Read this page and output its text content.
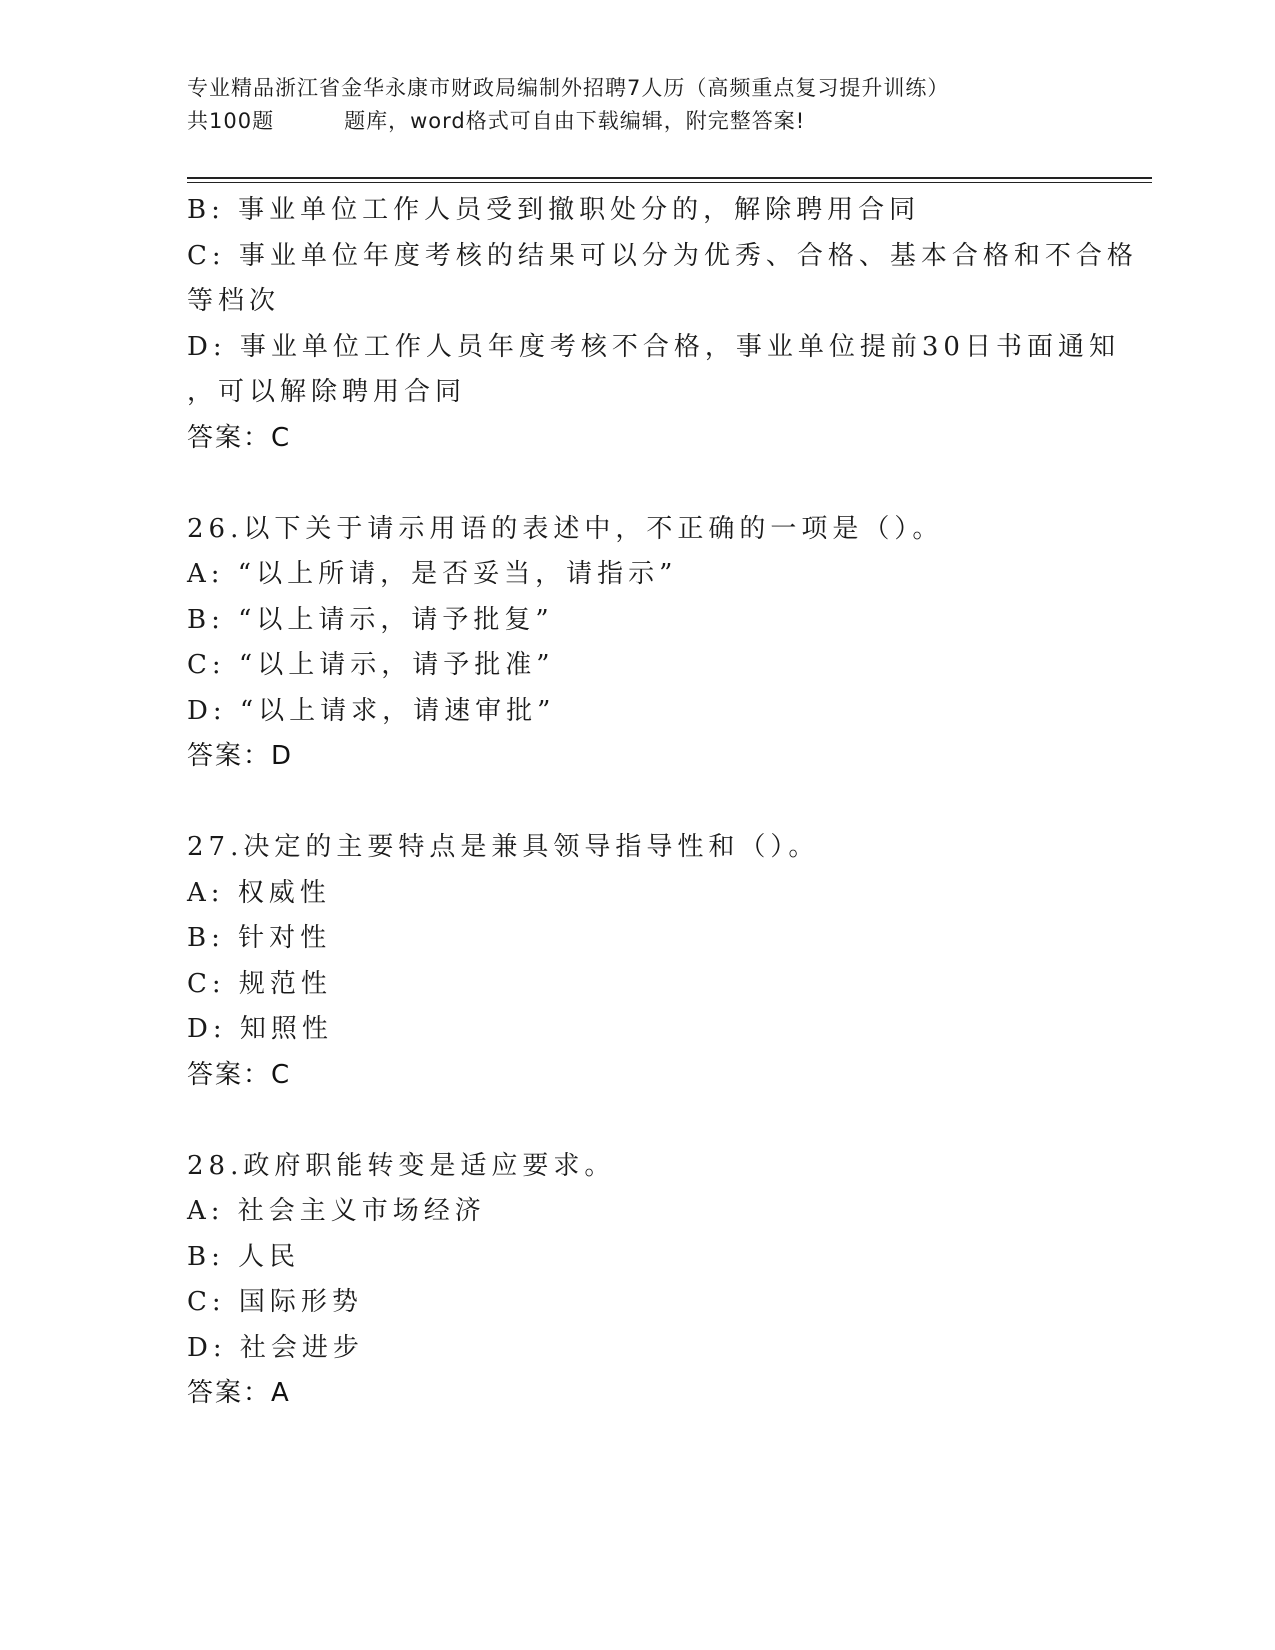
专业精品浙江省金华永康市财政局编制外招聘7人历（高频重点复习提升训练）
共100题	题库，word格式可自由下载编辑，附完整答案!
B: 事业单位工作人员受到撤职处分的，解除聘用合同
C: 事业单位年度考核的结果可以分为优秀、合格、基本合格和不合格
等档次
D: 事业单位工作人员年度考核不合格，事业单位提前30日书面通知
，可以解除聘用合同
答案：C
26.以下关于请示用语的表述中，不正确的一项是（）。
A: “以上所请，是否妥当，请指示”
B: “以上请示，请予批复”
C: “以上请示，请予批准”
D: “以上请求，请速审批”
答案：D
27.决定的主要特点是兼具领导指导性和（）。
A: 权威性
B: 针对性
C: 规范性
D: 知照性
答案：C
28.政府职能转变是适应要求。
A: 社会主义市场经济
B: 人民
C: 国际形势
D: 社会进步
答案：A
